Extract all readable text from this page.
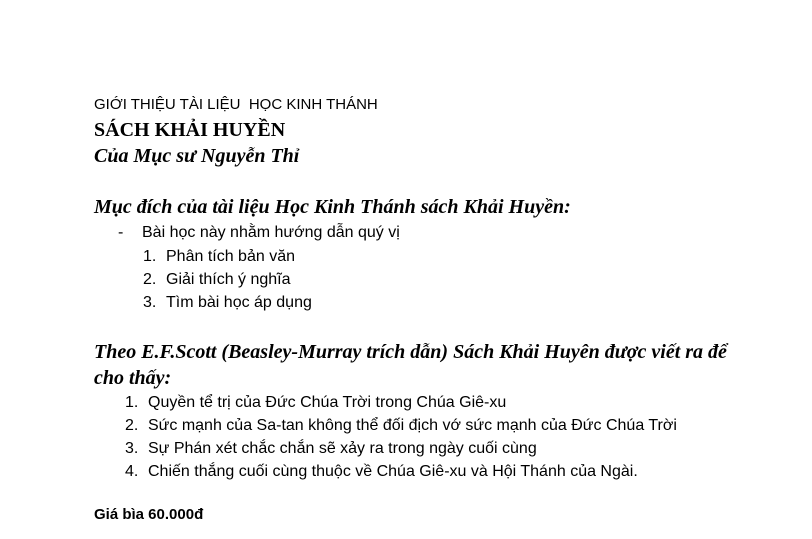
GIỚI THIỆU TÀI LIỆU  HỌC KINH THÁNH
SÁCH KHẢI HUYỀN
Của Mục sư Nguyễn Thỉ
Mục đích của tài liệu Học Kinh Thánh sách Khải Huyền:
- Bài học này nhằm hướng dẫn quý vị
1. Phân tích bản văn
2. Giải thích ý nghĩa
3. Tìm bài học áp dụng
Theo E.F.Scott (Beasley-Murray trích dẫn) Sách Khải Huyên được viết ra để cho thấy:
1. Quyền tể trị của Đức Chúa Trời trong Chúa Giê-xu
2. Sức mạnh của Sa-tan không thể đối địch vớ sức mạnh của Đức Chúa Trời
3. Sự Phán xét chắc chắn sẽ xảy ra trong ngày cuối cùng
4. Chiến thắng cuối cùng thuộc về Chúa Giê-xu và Hội Thánh của Ngài.
Giá bìa 60.000đ
